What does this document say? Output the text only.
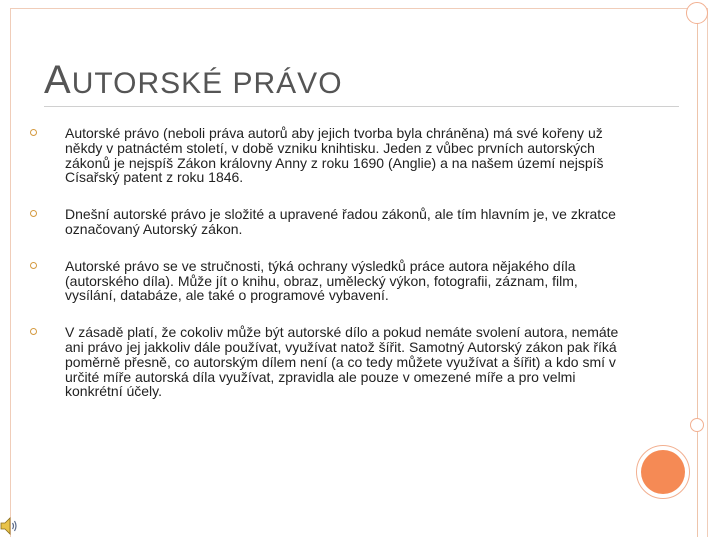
AUTORSKÉ PRÁVO
Autorské právo (neboli práva autorů aby jejich tvorba byla chráněna) má své kořeny už někdy v patnáctém století, v době vzniku knihtisku. Jeden z vůbec prvních autorských zákonů je nejspíš Zákon královny Anny z roku 1690 (Anglie) a na našem území nejspíš Císařský patent z roku 1846.
Dnešní autorské právo je složité a upravené řadou zákonů, ale tím hlavním je, ve zkratce označovaný Autorský zákon.
Autorské právo se ve stručnosti, týká ochrany výsledků práce autora nějakého díla (autorského díla). Může jít o knihu, obraz, umělecký výkon, fotografii, záznam, film, vysílání, databáze, ale také o programové vybavení.
V zásadě platí, že cokoliv může být autorské dílo a pokud nemáte svolení autora, nemáte ani právo jej jakkoliv dále používat, využívat natož šířit. Samotný Autorský zákon pak říká poměrně přesně, co autorským dílem není (a co tedy můžete využívat a šířit) a kdo smí v určité míře autorská díla využívat, zpravidla ale pouze v omezené míře a pro velmi konkrétní účely.
